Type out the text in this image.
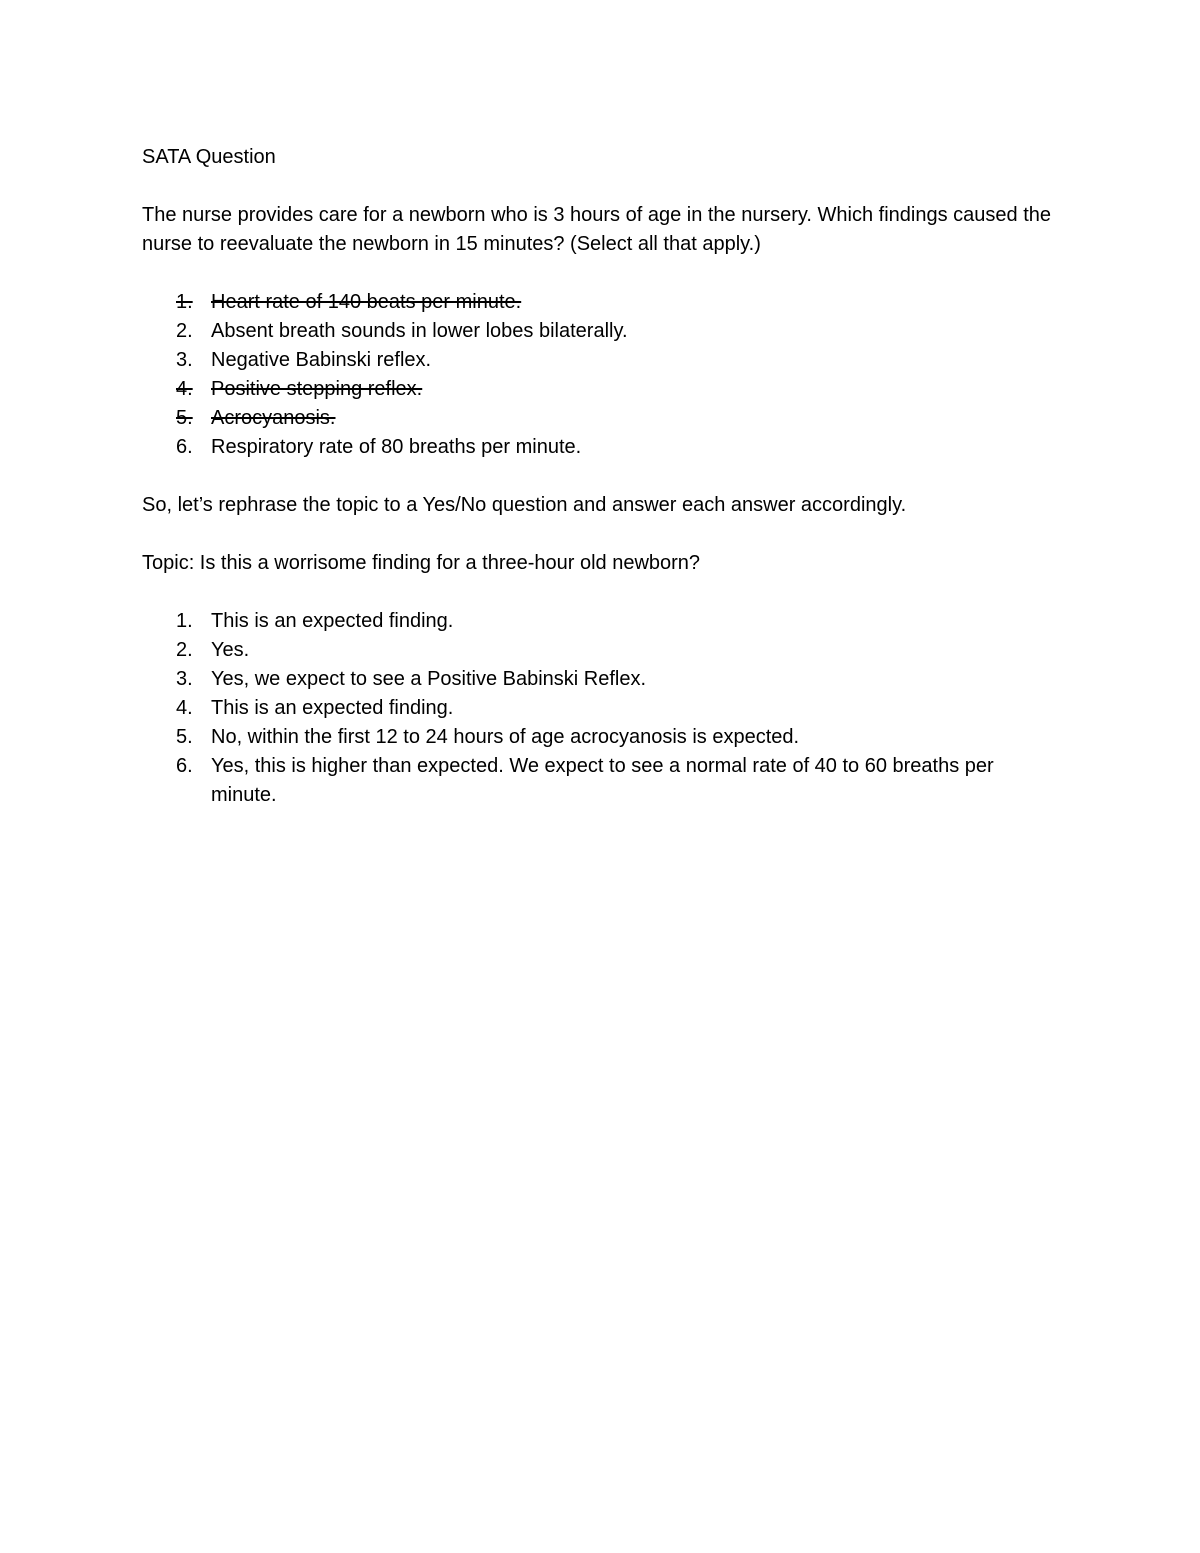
SATA Question

The nurse provides care for a newborn who is 3 hours of age in the nursery. Which findings caused the nurse to reevaluate the newborn in 15 minutes? (Select all that apply.)

1. Heart rate of 140 beats per minute.
2. Absent breath sounds in lower lobes bilaterally.
3. Negative Babinski reflex.
4. Positive stepping reflex.
5. Acrocyanosis.
6. Respiratory rate of 80 breaths per minute.

So, let’s rephrase the topic to a Yes/No question and answer each answer accordingly.

Topic: Is this a worrisome finding for a three-hour old newborn?

1. This is an expected finding.
2. Yes.
3. Yes, we expect to see a Positive Babinski Reflex.
4. This is an expected finding.
5. No, within the first 12 to 24 hours of age acrocyanosis is expected.
6. Yes, this is higher than expected. We expect to see a normal rate of 40 to 60 breaths per minute.
